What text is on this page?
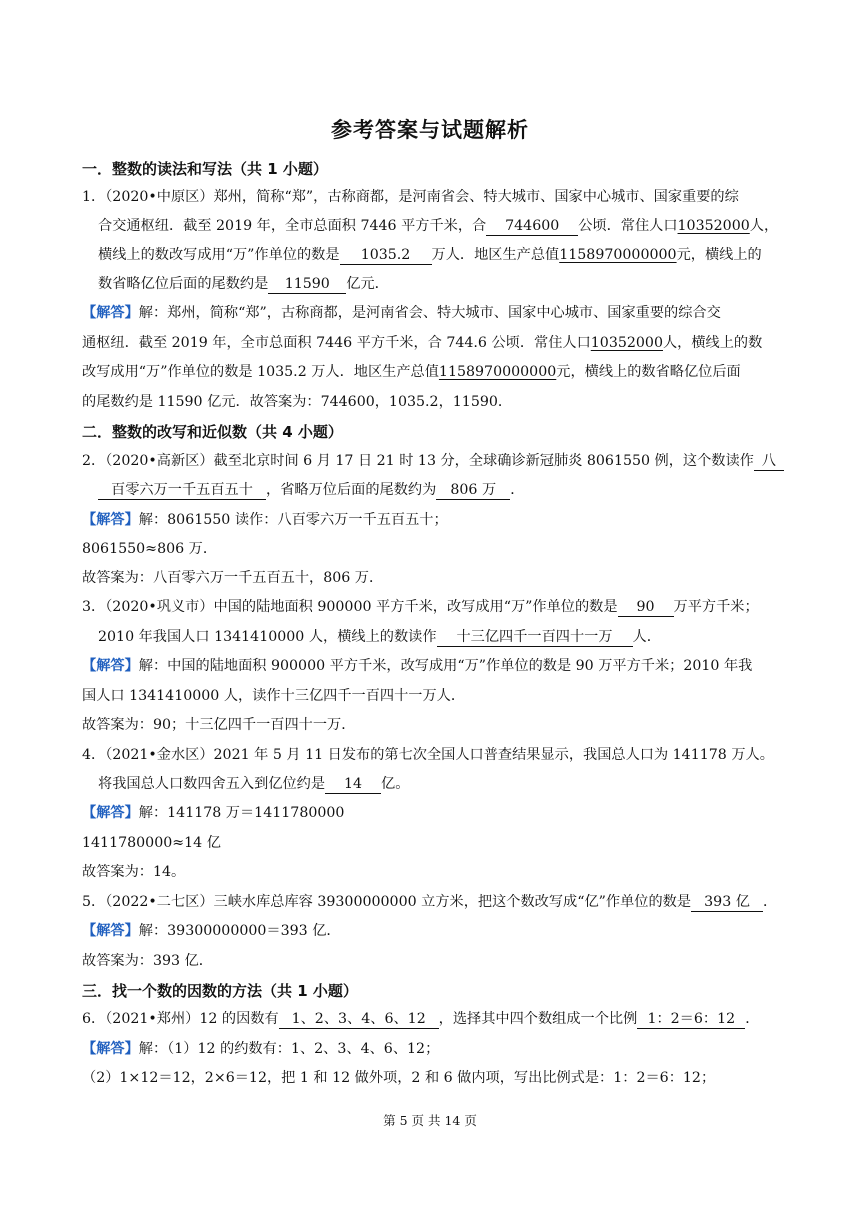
参考答案与试题解析
一．整数的读法和写法（共 1 小题）
1．（2020•中原区）郑州，简称“郑”，古称商都，是河南省会、特大城市、国家中心城市、国家重要的综
合交通枢纽．截至 2019 年，全市总面积 7446 平方千米，合 744600 公顷．常住人口10352000人，
横线上的数改写成用“万”作单位的数是 1035.2 万人．地区生产总值1158970000000元，横线上的
数省略亿位后面的尾数约是 11590 亿元．
【解答】解：郑州，简称“郑”，古称商都，是河南省会、特大城市、国家中心城市、国家重要的综合交
通枢纽．截至 2019 年，全市总面积 7446 平方千米，合 744.6 公顷．常住人口10352000人，横线上的数
改写成用“万”作单位的数是 1035.2 万人．地区生产总值1158970000000元，横线上的数省略亿位后面
的尾数约是 11590 亿元．故答案为：744600，1035.2，11590．
二．整数的改写和近似数（共 4 小题）
2．（2020•高新区）截至北京时间 6 月 17 日 21 时 13 分，全球确诊新冠肺炎 8061550 例，这个数读作 八
百零六万一千五百五十 ，省略万位后面的尾数约为 806 万 ．
【解答】解：8061550 读作：八百零六万一千五百五十；
8061550≈806 万．
故答案为：八百零六万一千五百五十，806 万．
3．（2020•巩义市）中国的陆地面积 900000 平方千米，改写成用“万”作单位的数是 90 万平方千米；
2010 年我国人口 1341410000 人，横线上的数读作 十三亿四千一百四十一万 人．
【解答】解：中国的陆地面积 900000 平方千米，改写成用“万”作单位的数是 90 万平方千米；2010 年我
国人口 1341410000 人，读作十三亿四千一百四十一万人．
故答案为：90；十三亿四千一百四十一万．
4．（2021•金水区）2021 年 5 月 11 日发布的第七次全国人口普查结果显示，我国总人口为 141178 万人。
将我国总人口数四舍五入到亿位约是 14 亿。
【解答】解：141178 万＝1411780000
1411780000≈14 亿
故答案为：14。
5．（2022•二七区）三峡水库总库容 39300000000 立方米，把这个数改写成“亿”作单位的数是 393 亿 ．
【解答】解：39300000000＝393 亿．
故答案为：393 亿．
三．找一个数的因数的方法（共 1 小题）
6．（2021•郑州）12 的因数有 1、2、3、4、6、12 ，选择其中四个数组成一个比例 1：2＝6：12 ．
【解答】解：（1）12 的约数有：1、2、3、4、6、12；
（2）1×12＝12，2×6＝12，把 1 和 12 做外项，2 和 6 做内项，写出比例式是：1：2＝6：12；
第 5 页 共 14 页
